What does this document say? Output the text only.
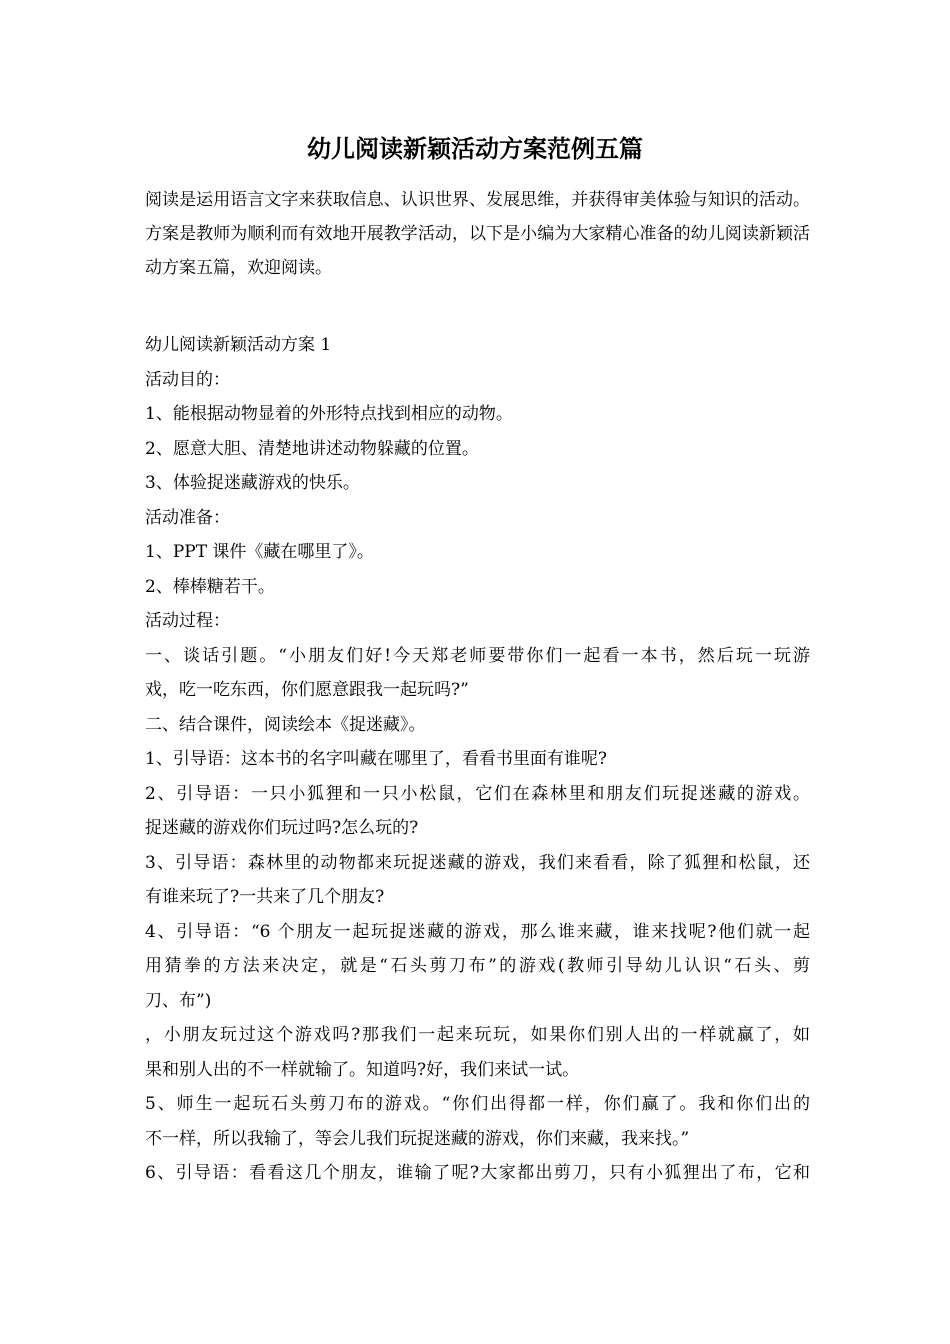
幼儿阅读新颖活动方案范例五篇
阅读是运用语言文字来获取信息、认识世界、发展思维，并获得审美体验与知识的活动。方案是教师为顺利而有效地开展教学活动，以下是小编为大家精心准备的幼儿阅读新颖活动方案五篇，欢迎阅读。
幼儿阅读新颖活动方案 1
活动目的：
1、能根据动物显着的外形特点找到相应的动物。
2、愿意大胆、清楚地讲述动物躲藏的位置。
3、体验捉迷藏游戏的快乐。
活动准备：
1、PPT 课件《藏在哪里了》。
2、棒棒糖若干。
活动过程：
一、谈话引题。“小朋友们好!今天郑老师要带你们一起看一本书，然后玩一玩游
戏，吃一吃东西，你们愿意跟我一起玩吗?”
二、结合课件，阅读绘本《捉迷藏》。
1、引导语：这本书的名字叫藏在哪里了，看看书里面有谁呢?
2、引导语：一只小狐狸和一只小松鼠，它们在森林里和朋友们玩捉迷藏的游戏。
捉迷藏的游戏你们玩过吗?怎么玩的?
3、引导语：森林里的动物都来玩捉迷藏的游戏，我们来看看，除了狐狸和松鼠，还
有谁来玩了?一共来了几个朋友?
4、引导语：“6 个朋友一起玩捉迷藏的游戏，那么谁来藏，谁来找呢?他们就一起
用猜拳的方法来决定，就是“石头剪刀布”的游戏(教师引导幼儿认识“石头、剪
刀、布”)
，小朋友玩过这个游戏吗?那我们一起来玩玩，如果你们别人出的一样就赢了，如
果和别人出的不一样就输了。知道吗?好，我们来试一试。
5、师生一起玩石头剪刀布的游戏。“你们出得都一样，你们赢了。我和你们出的
不一样，所以我输了，等会儿我们玩捉迷藏的游戏，你们来藏，我来找。”
6、引导语：看看这几个朋友，谁输了呢?大家都出剪刀，只有小狐狸出了布，它和
